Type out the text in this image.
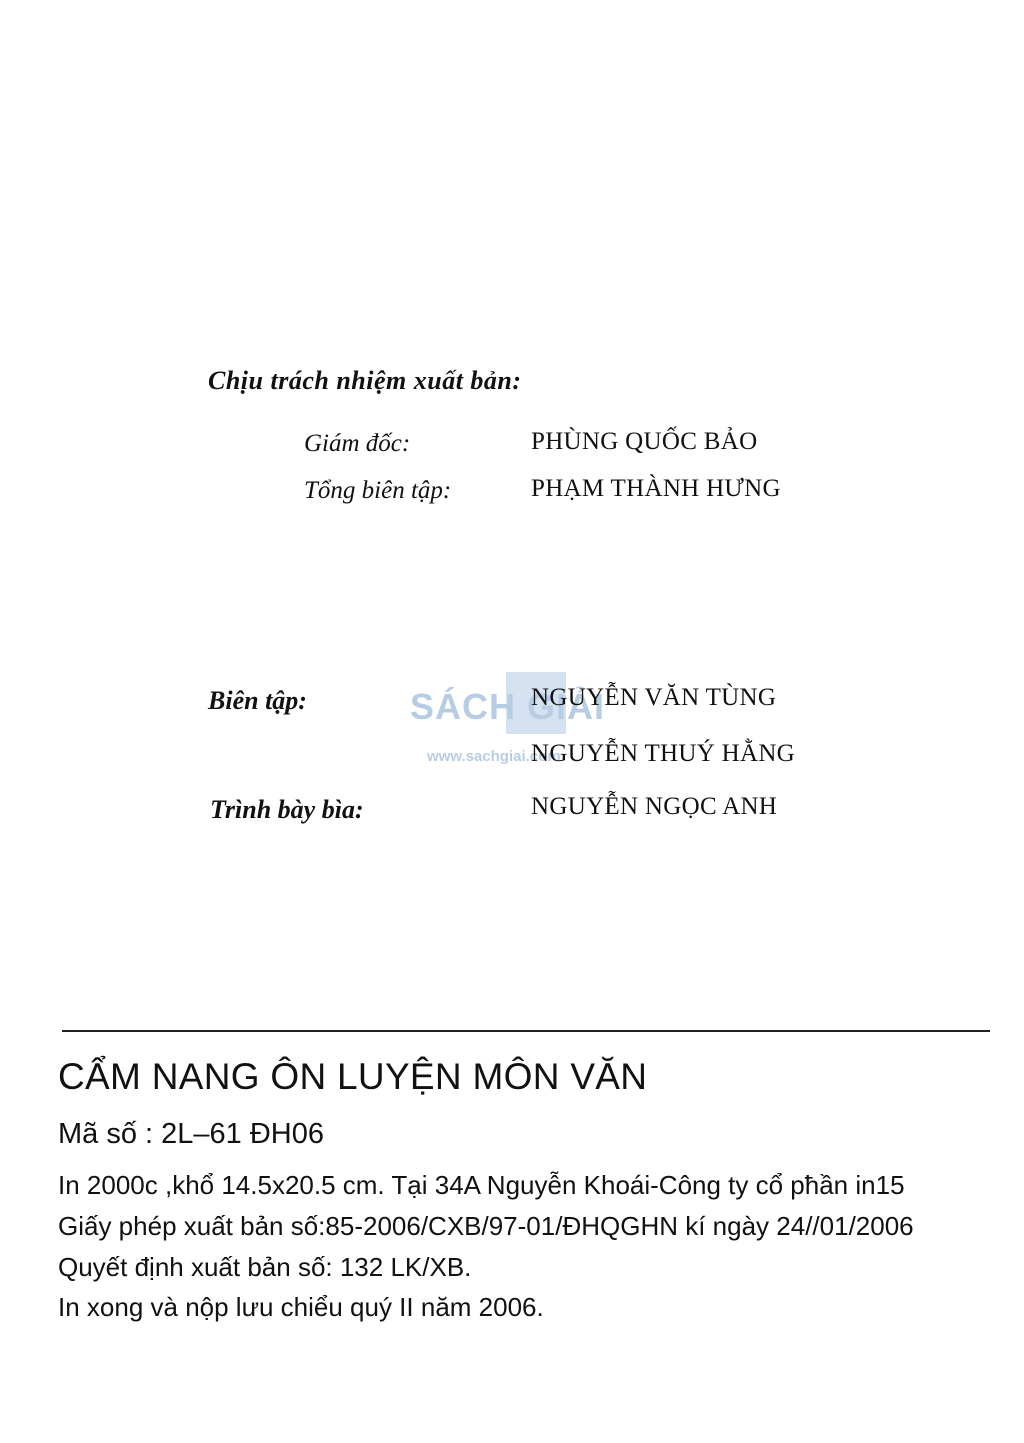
Chịu trách nhiệm xuất bản:
Giám đốc:	PHÙNG QUỐC BẢO
Tổng biên tập:	PHẠM THÀNH HƯNG
SÁCH GIẢI
www.sachgiai.com
Biên tập:	NGUYỄN VĂN TÙNG
NGUYỄN THUÝ HẰNG
Trình bày bìa:	NGUYỄN NGỌC ANH
CẨM NANG ÔN LUYỆN MÔN VĂN
Mã số : 2L–61 ĐH06
In 2000c ,khổ 14.5x20.5 cm. Tại 34A Nguyễn Khoái-Công ty cổ pħần in15
Giấy phép xuất bản số:85-2006/CXB/97-01/ĐHQGHN kí ngày 24//01/2006
Quyết định xuất bản số: 132 LK/XB.
In xong và nộp lưu chiểu quý II năm 2006.
